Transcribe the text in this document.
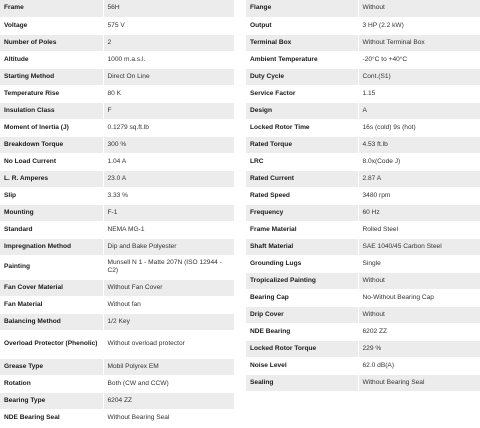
Frame	56H
Voltage	575 V
Number of Poles	2
Altitude	1000 m.a.s.l.
Starting Method	Direct On Line
Temperature Rise	80 K
Insulation Class	F
Moment of Inertia (J)	0.1279 sq.ft.lb
Breakdown Torque	300 %
No Load Current	1.04 A
L. R. Amperes	23.0 A
Slip	3.33 %
Mounting	F-1
Standard	NEMA MG-1
Impregnation Method	Dip and Bake Polyester
Painting	Munsell N 1 - Matte 207N (ISO 12944 - C2)
Fan Cover Material	Without Fan Cover
Fan Material	Without fan
Balancing Method	1/2 Key
Overload Protector (Phenolic)	Without overload protector
Grease Type	Mobil Polyrex EM
Rotation	Both (CW and CCW)
Bearing Type	6204 ZZ
NDE Bearing Seal	Without Bearing Seal
Flange	Without
Output	3 HP (2.2 kW)
Terminal Box	Without Terminal Box
Ambient Temperature	-20°C to +40°C
Duty Cycle	Cont.(S1)
Service Factor	1.15
Design	A
Locked Rotor Time	16s (cold) 9s (hot)
Rated Torque	4.53 ft.lb
LRC	8.0x(Code J)
Rated Current	2.87 A
Rated Speed	3480 rpm
Frequency	60 Hz
Frame Material	Rolled Steel
Shaft Material	SAE 1040/45 Carbon Steel
Grounding Lugs	Single
Tropicalized Painting	Without
Bearing Cap	No-Without Bearing Cap
Drip Cover	Without
NDE Bearing	6202 ZZ
Locked Rotor Torque	229 %
Noise Level	62.0 dB(A)
Sealing	Without Bearing Seal
